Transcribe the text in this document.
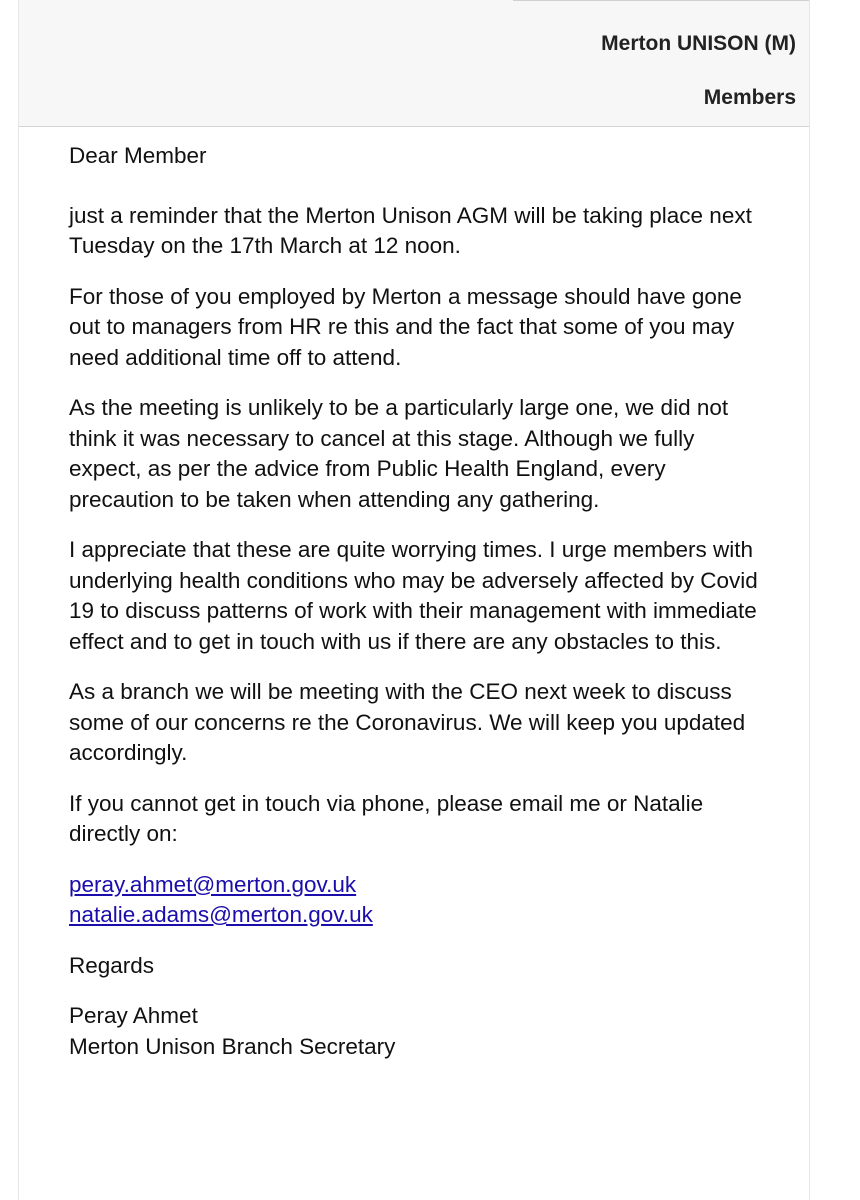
Merton UNISON (M)
Members

Dear Member

just a reminder that the Merton Unison AGM will be taking place next Tuesday on the 17th March at 12 noon.

For those of you employed by Merton a message should have gone out to managers from HR re this and the fact that some of you may need additional time off to attend.

As the meeting is unlikely to be a particularly large one, we did not think it was necessary to cancel at this stage. Although we fully expect, as per the advice from Public Health England, every precaution to be taken when attending any gathering.

I appreciate that these are quite worrying times. I urge members with underlying health conditions who may be adversely affected by Covid 19 to discuss patterns of work with their management with immediate effect and to get in touch with us if there are any obstacles to this.

As a branch we will be meeting with the CEO next week to discuss some of our concerns re the Coronavirus. We will keep you updated accordingly.

If you cannot get in touch via phone, please email me or Natalie directly on:

peray.ahmet@merton.gov.uk
natalie.adams@merton.gov.uk

Regards

Peray Ahmet
Merton Unison Branch Secretary
